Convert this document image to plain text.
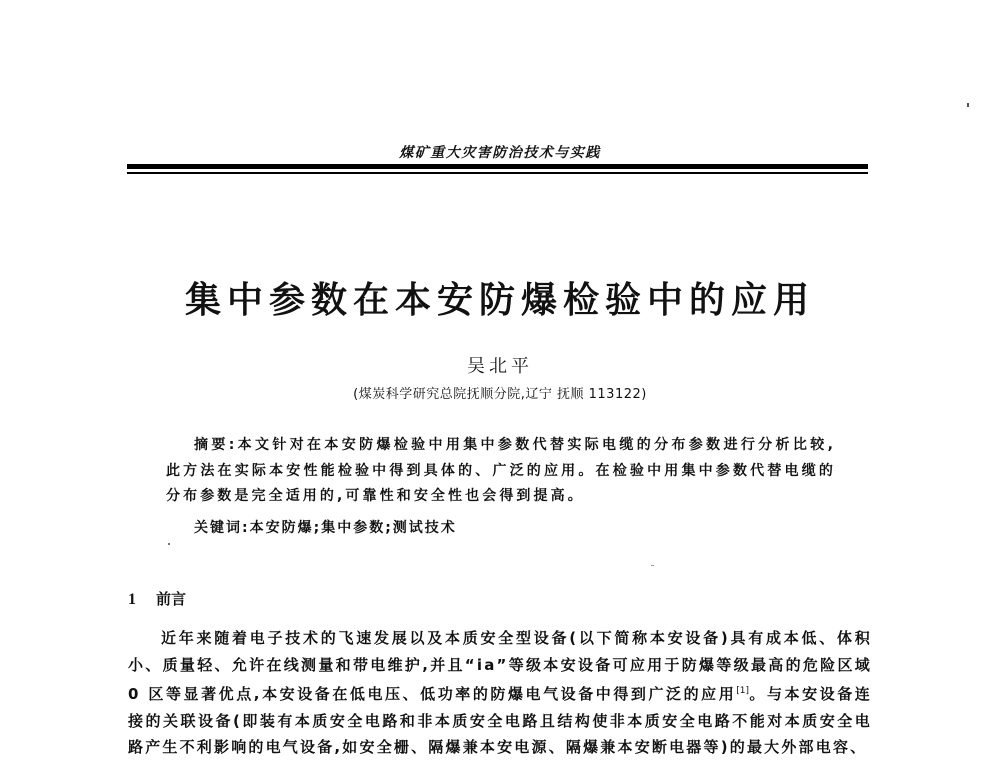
煤矿重大灾害防治技术与实践
集中参数在本安防爆检验中的应用
吴北平
(煤炭科学研究总院抚顺分院,辽宁 抚顺 113122)
摘要:本文针对在本安防爆检验中用集中参数代替实际电缆的分布参数进行分析比较,此方法在实际本安性能检验中得到具体的、广泛的应用。在检验中用集中参数代替电缆的分布参数是完全适用的,可靠性和安全性也会得到提高。
关键词:本安防爆;集中参数;测试技术
1 前言
近年来随着电子技术的飞速发展以及本质安全型设备(以下简称本安设备)具有成本低、体积小、质量轻、允许在线测量和带电维护,并且“ia”等级本安设备可应用于防爆等级最高的危险区域 0 区等显著优点,本安设备在低电压、低功率的防爆电气设备中得到广泛的应用[1]。与本安设备连接的关联设备(即装有本质安全电路和非本质安全电路且结构使非本质安全电路不能对本质安全电路产生不利影响的电气设备,如安全栅、隔爆兼本安电源、隔爆兼本安断电器等)的最大外部电容、
